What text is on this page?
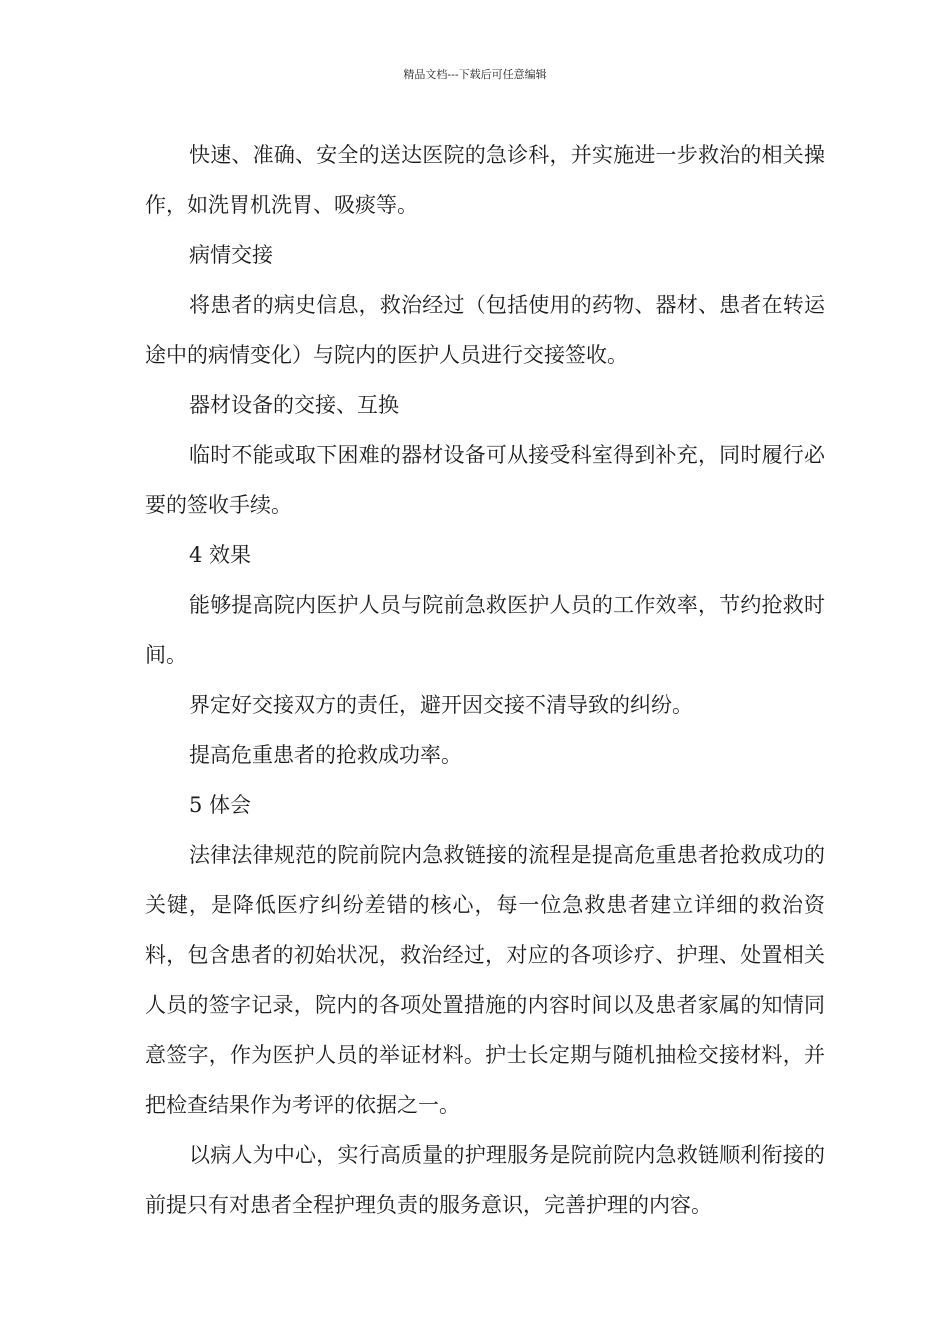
精品文档---下载后可任意编辑

快速、准确、安全的送达医院的急诊科，并实施进一步救治的相关操作，如洗胃机洗胃、吸痰等。

病情交接

将患者的病史信息，救治经过（包括使用的药物、器材、患者在转运途中的病情变化）与院内的医护人员进行交接签收。

器材设备的交接、互换

临时不能或取下困难的器材设备可从接受科室得到补充，同时履行必要的签收手续。

4 效果

能够提高院内医护人员与院前急救医护人员的工作效率，节约抢救时间。

界定好交接双方的责任，避开因交接不清导致的纠纷。

提高危重患者的抢救成功率。

5 体会

法律法律规范的院前院内急救链接的流程是提高危重患者抢救成功的关键，是降低医疗纠纷差错的核心，每一位急救患者建立详细的救治资料，包含患者的初始状况，救治经过，对应的各项诊疗、护理、处置相关人员的签字记录，院内的各项处置措施的内容时间以及患者家属的知情同意签字，作为医护人员的举证材料。护士长定期与随机抽检交接材料，并把检查结果作为考评的依据之一。

以病人为中心，实行高质量的护理服务是院前院内急救链顺利衔接的前提只有对患者全程护理负责的服务意识，完善护理的内容。
